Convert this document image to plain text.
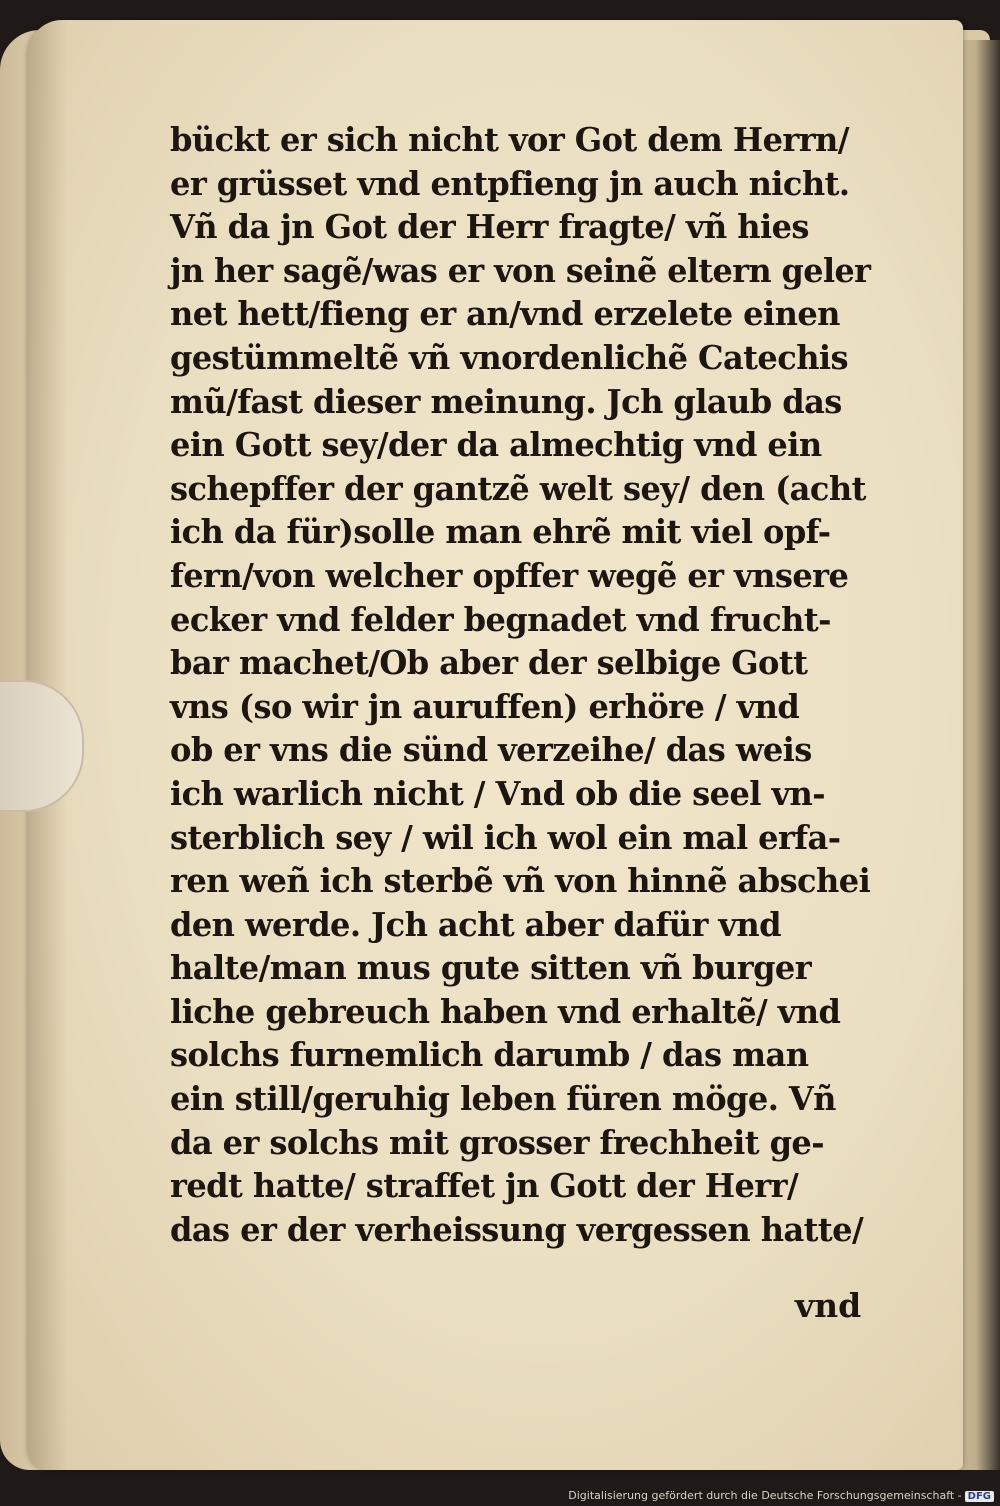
bückt er sich nicht vor Got dem Herrn/
er grüsset vnd entpfieng jn auch nicht.
Vñ da jn Got der Herr fragte/ vñ hies
jn her sagẽ/was er von seinẽ eltern geler
net hett/fieng er an/vnd erzelete einen
gestümmeltẽ vñ vnordenlichẽ Catechis
mũ/fast dieser meinung. Jch glaub das
ein Gott sey/der da almechtig vnd ein
schepffer der gantzẽ welt sey/ den (acht
ich da für)solle man ehrẽ mit viel opf-
fern/von welcher opffer wegẽ er vnsere
ecker vnd felder begnadet vnd frucht-
bar machet/Ob aber der selbige Gott
vns (so wir jn auruffen) erhöre / vnd
ob er vns die sünd verzeihe/ das weis
ich warlich nicht / Vnd ob die seel vn-
sterblich sey / wil ich wol ein mal erfa-
ren weñ ich sterbẽ vñ von hinnẽ abschei
den werde. Jch acht aber dafür vnd
halte/man mus gute sitten vñ burger
liche gebreuch haben vnd erhaltẽ/ vnd
solchs furnemlich darumb / das man
ein still/geruhig leben füren möge. Vñ
da er solchs mit grosser frechheit ge-
redt hatte/ straffet jn Gott der Herr/
das er der verheissung vergessen hatte/
vnd
Digitalisierung gefördert durch die Deutsche Forschungsgemeinschaft - DFG
